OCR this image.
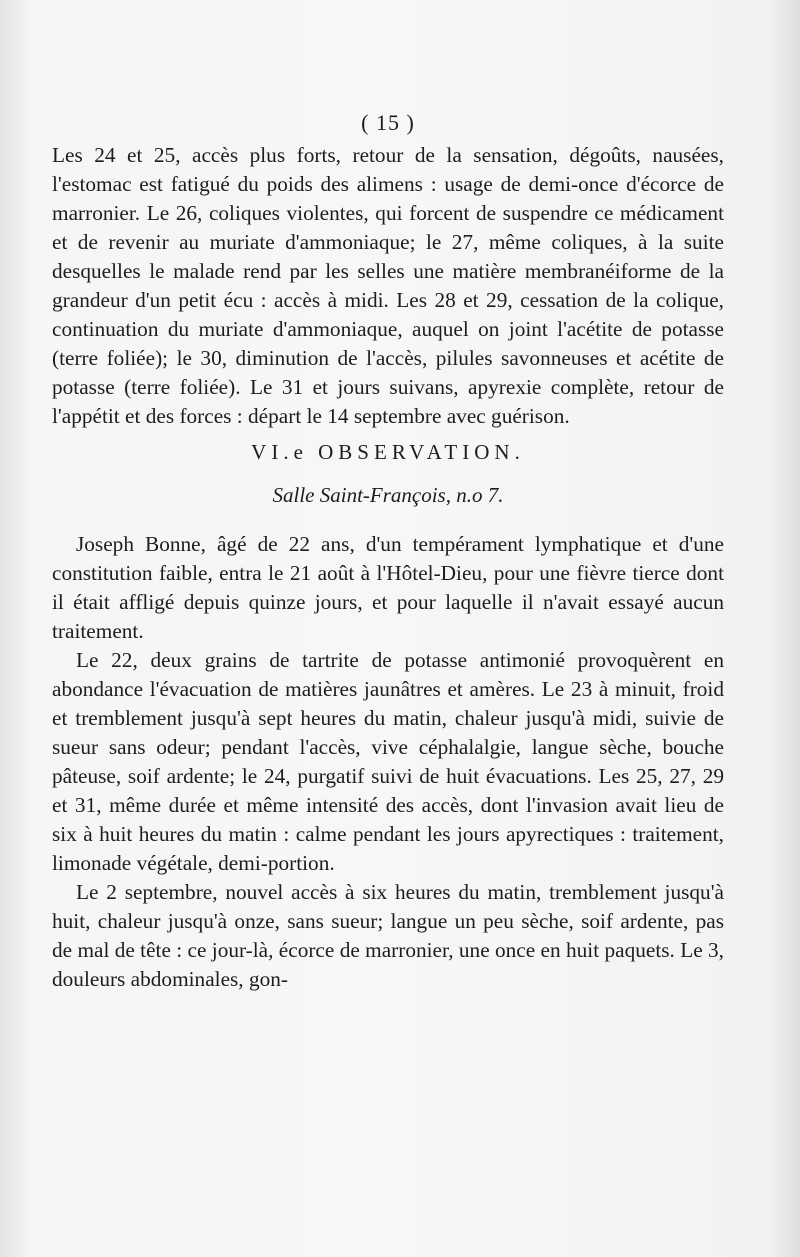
( 15 )

Les 24 et 25, accès plus forts, retour de la sensation, dégoûts, nausées, l'estomac est fatigué du poids des alimens : usage de demi-once d'écorce de marronier. Le 26, coliques violentes, qui forcent de suspendre ce médicament et de revenir au muriate d'ammoniaque; le 27, même coliques, à la suite desquelles le malade rend par les selles une matière membranéiforme de la grandeur d'un petit écu : accès à midi. Les 28 et 29, cessation de la colique, continuation du muriate d'ammoniaque, auquel on joint l'acétite de potasse (terre foliée); le 30, diminution de l'accès, pilules savonneuses et acétite de potasse (terre foliée). Le 31 et jours suivans, apyrexie complète, retour de l'appétit et des forces : départ le 14 septembre avec guérison.

VI.e OBSERVATION.
Salle Saint-François, n.o 7.

Joseph Bonne, âgé de 22 ans, d'un tempérament lymphatique et d'une constitution faible, entra le 21 août à l'Hôtel-Dieu, pour une fièvre tierce dont il était affligé depuis quinze jours, et pour laquelle il n'avait essayé aucun traitement.

Le 22, deux grains de tartrite de potasse antimonié provoquèrent en abondance l'évacuation de matières jaunâtres et amères. Le 23 à minuit, froid et tremblement jusqu'à sept heures du matin, chaleur jusqu'à midi, suivie de sueur sans odeur; pendant l'accès, vive céphalalgie, langue sèche, bouche pâteuse, soif ardente; le 24, purgatif suivi de huit évacuations. Les 25, 27, 29 et 31, même durée et même intensité des accès, dont l'invasion avait lieu de six à huit heures du matin : calme pendant les jours apyrectiques : traitement, limonade végétale, demi-portion.

Le 2 septembre, nouvel accès à six heures du matin, tremblement jusqu'à huit, chaleur jusqu'à onze, sans sueur; langue un peu sèche, soif ardente, pas de mal de tête : ce jour-là, écorce de marronier, une once en huit paquets. Le 3, douleurs abdominales, gon-
